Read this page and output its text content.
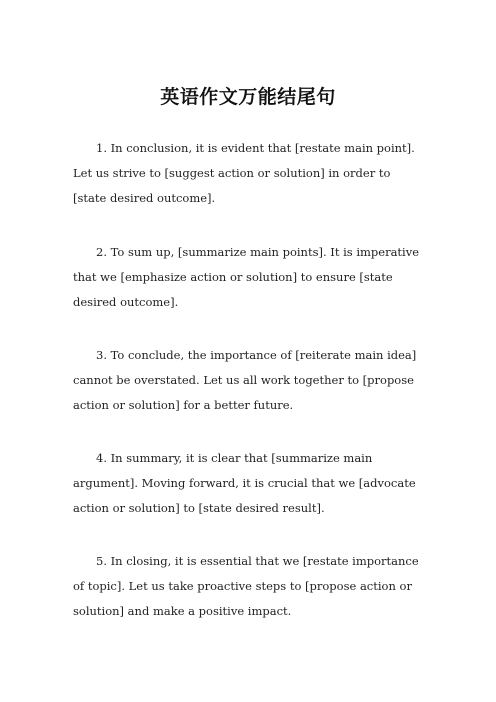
英语作文万能结尾句

1. In conclusion, it is evident that [restate main point]. Let us strive to [suggest action or solution] in order to [state desired outcome].

2. To sum up, [summarize main points]. It is imperative that we [emphasize action or solution] to ensure [state desired outcome].

3. To conclude, the importance of [reiterate main idea] cannot be overstated. Let us all work together to [propose action or solution] for a better future.

4. In summary, it is clear that [summarize main argument]. Moving forward, it is crucial that we [advocate action or solution] to [state desired result].

5. In closing, it is essential that we [restate importance of topic]. Let us take proactive steps to [propose action or solution] and make a positive impact.
